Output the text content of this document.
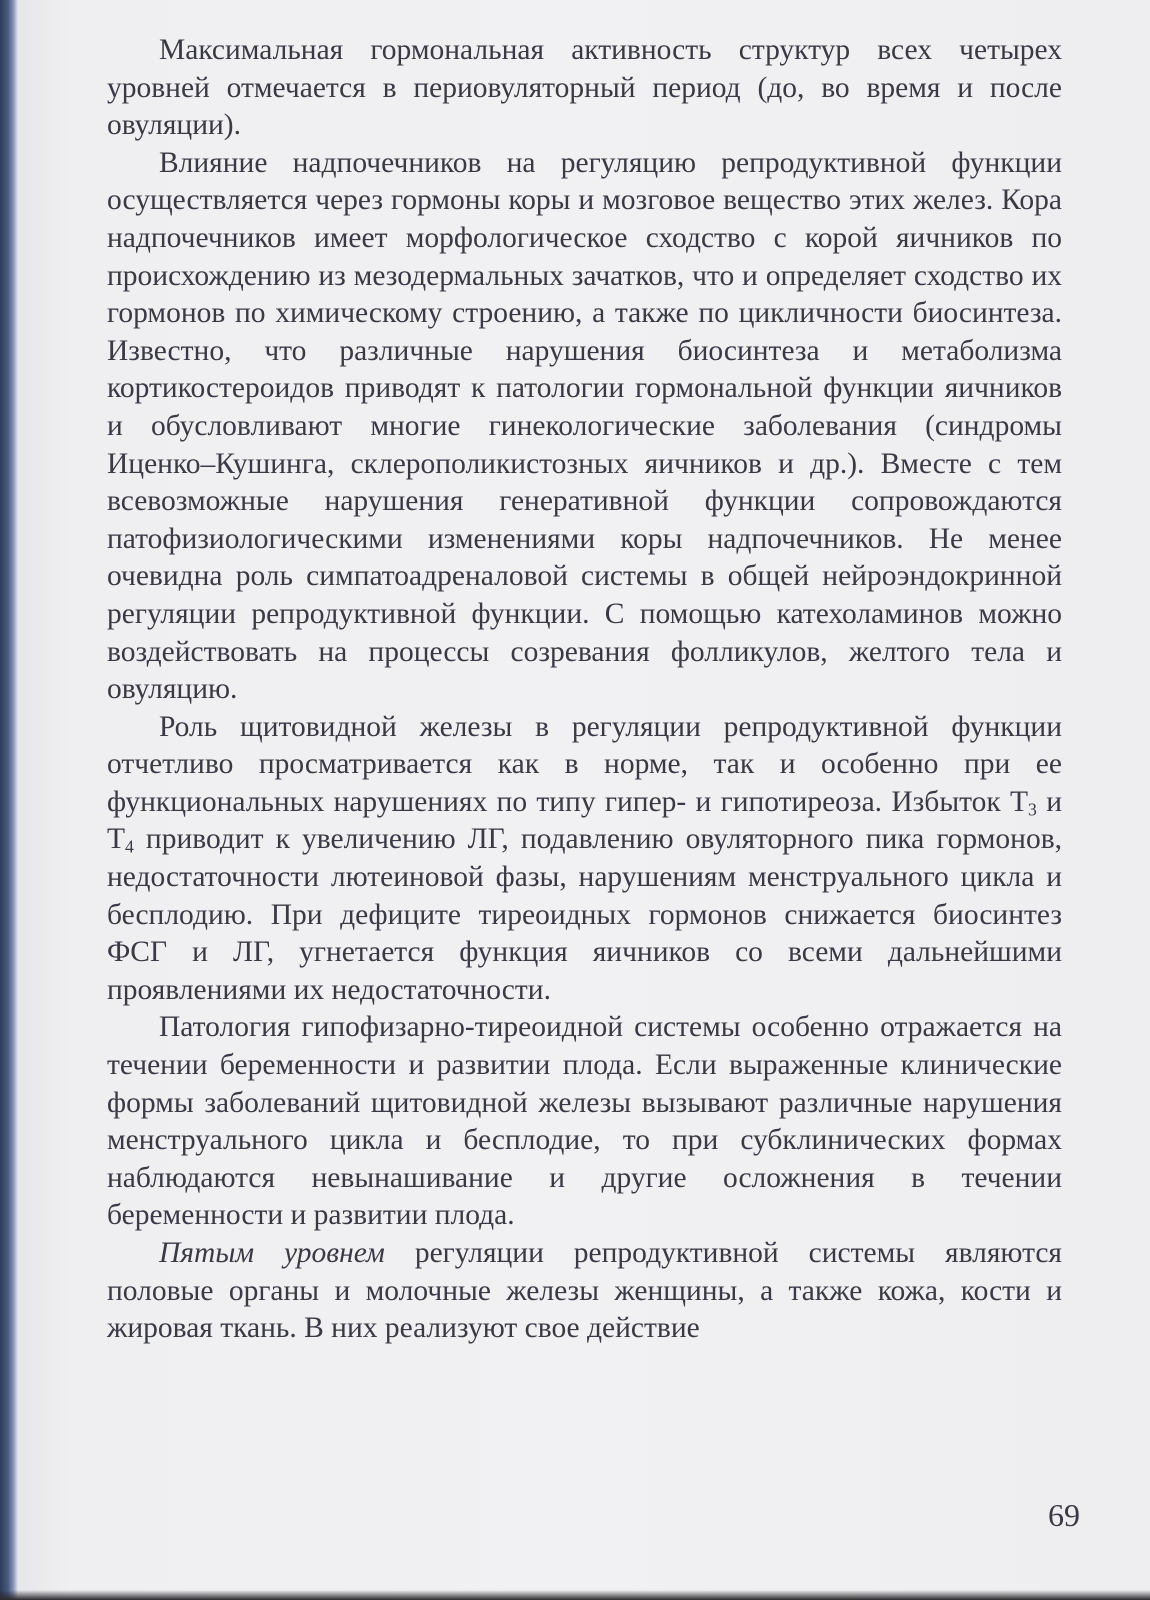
Максимальная гормональная активность структур всех четырех уровней отмечается в периовуляторный период (до, во время и после овуляции).

Влияние надпочечников на регуляцию репродуктивной функции осуществляется через гормоны коры и мозговое вещество этих желез. Кора надпочечников имеет морфологическое сходство с корой яичников по происхождению из мезодермальных зачатков, что и определяет сходство их гормонов по химическому строению, а также по цикличности биосинтеза. Известно, что различные нарушения биосинтеза и метаболизма кортикостероидов приводят к патологии гормональной функции яичников и обусловливают многие гинекологические заболевания (синдромы Иценко–Кушинга, склерополикистозных яичников и др.). Вместе с тем всевозможные нарушения генеративной функции сопровождаются патофизиологическими изменениями коры надпочечников. Не менее очевидна роль симпатоадреналовой системы в общей нейроэндокринной регуляции репродуктивной функции. С помощью катехоламинов можно воздействовать на процессы созревания фолликулов, желтого тела и овуляцию.

Роль щитовидной железы в регуляции репродуктивной функции отчетливо просматривается как в норме, так и особенно при ее функциональных нарушениях по типу гипер- и гипотиреоза. Избыток $Т_3$ и $Т_4$ приводит к увеличению ЛГ, подавлению овуляторного пика гормонов, недостаточности лютеиновой фазы, нарушениям менструального цикла и бесплодию. При дефиците тиреоидных гормонов снижается биосинтез ФСГ и ЛГ, угнетается функция яичников со всеми дальнейшими проявлениями их недостаточности.

Патология гипофизарно-тиреоидной системы особенно отражается на течении беременности и развитии плода. Если выраженные клинические формы заболеваний щитовидной железы вызывают различные нарушения менструального цикла и бесплодие, то при субклинических формах наблюдаются невынашивание и другие осложнения в течении беременности и развитии плода.

Пятым уровнем регуляции репродуктивной системы являются половые органы и молочные железы женщины, а также кожа, кости и жировая ткань. В них реализуют свое действие

69
